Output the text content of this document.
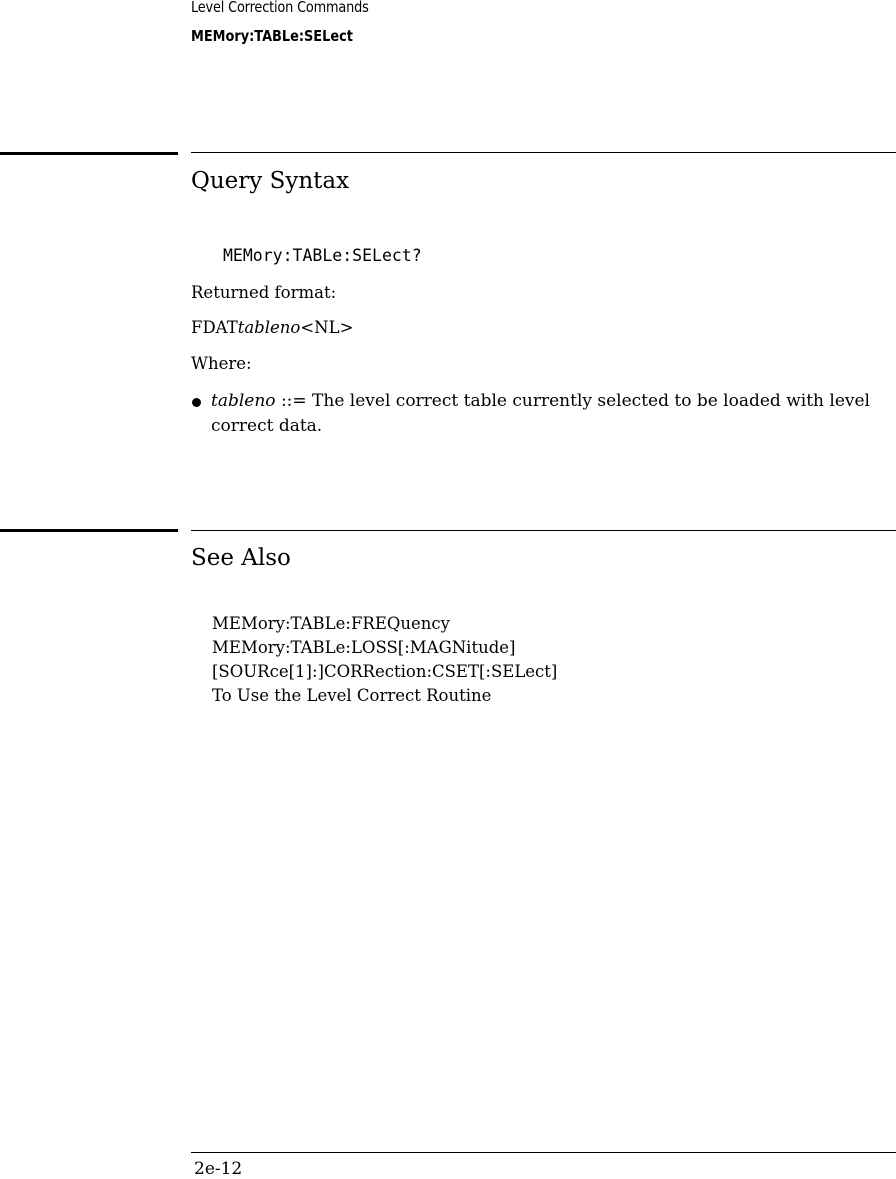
Level Correction Commands
MEMory:TABLe:SELect
Query Syntax
MEMory:TABLe:SELect?
Returned format:
FDATtableno<NL>
Where:
tableno ::= The level correct table currently selected to be loaded with level correct data.
See Also
MEMory:TABLe:FREQuency
MEMory:TABLe:LOSS[:MAGNitude]
[SOURce[1]:]CORRection:CSET[:SELect]
To Use the Level Correct Routine
2e-12
